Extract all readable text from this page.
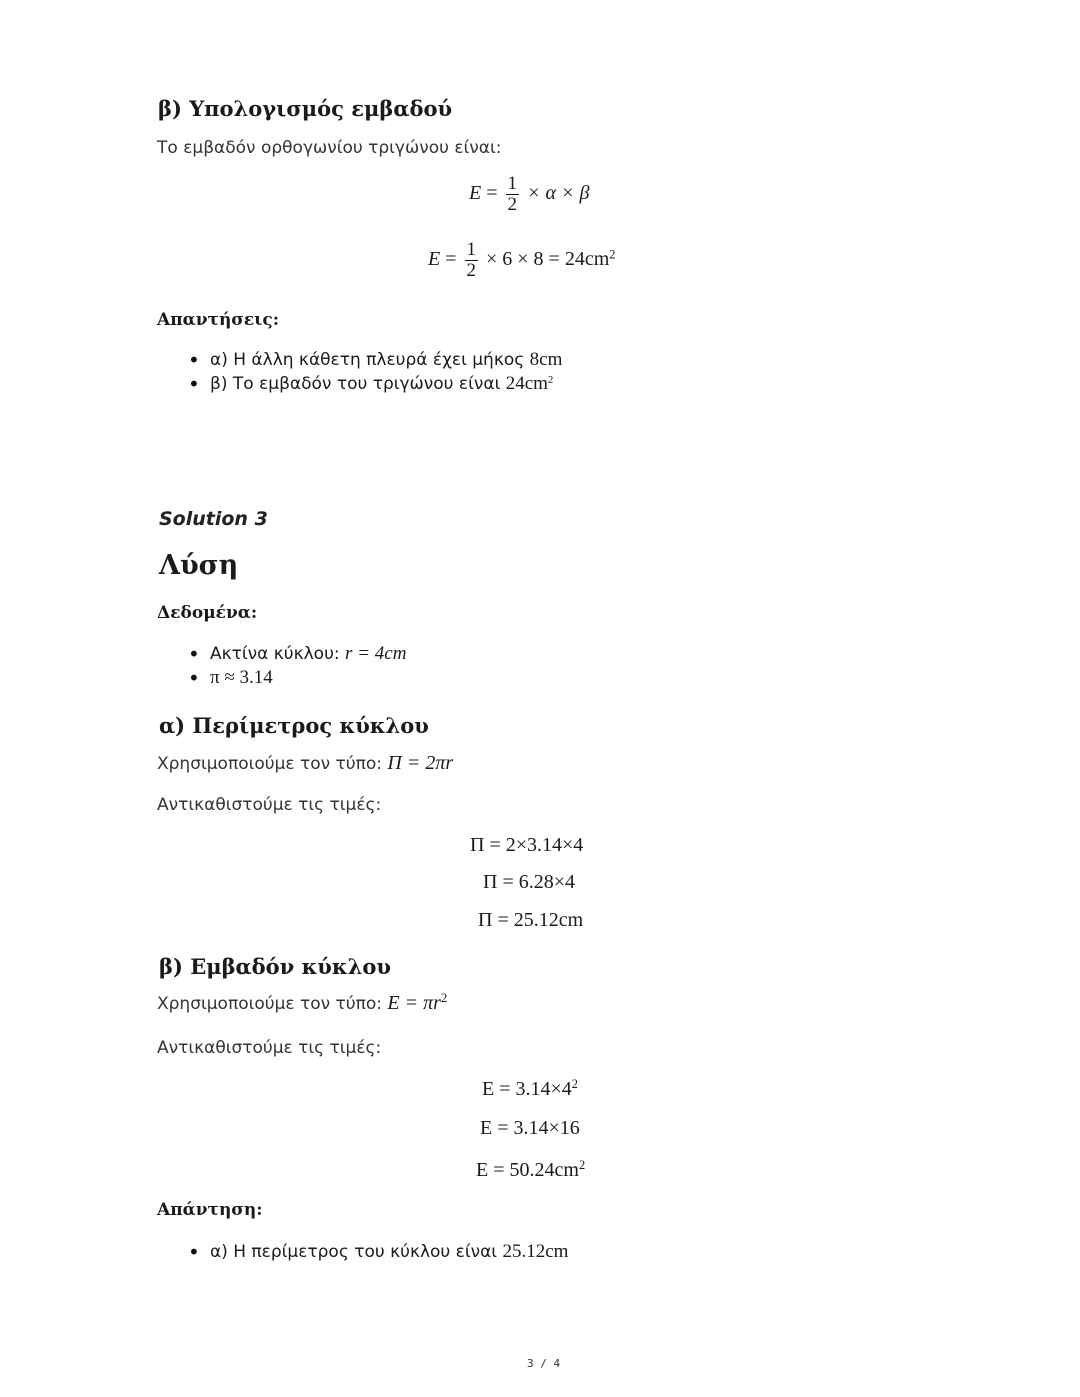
β) Υπολογισμός εμβαδού
Το εμβαδόν ορθογωνίου τριγώνου είναι:
$E = \frac{1}{2} \times \alpha \times \beta$
$E = \frac{1}{2} \times 6 \times 8 = 24cm^2$
Απαντήσεις:
• α) Η άλλη κάθετη πλευρά έχει μήκος 8cm
• β) Το εμβαδόν του τριγώνου είναι $24cm^2$
Solution 3
Λύση
Δεδομένα:
• Ακτίνα κύκλου: r = 4cm
• π ≈ 3.14
α) Περίμετρος κύκλου
Χρησιμοποιούμε τον τύπο: Π = 2πr
Αντικαθιστούμε τις τιμές:
Π = 2×3.14×4
Π = 6.28×4
Π = 25.12cm
β) Εμβαδόν κύκλου
Χρησιμοποιούμε τον τύπο: $E = \pi r^2$
Αντικαθιστούμε τις τιμές:
$E = 3.14\times 4^2$
E = 3.14×16
$E = 50.24cm^2$
Απάντηση:
• α) Η περίμετρος του κύκλου είναι 25.12cm
3 / 4
